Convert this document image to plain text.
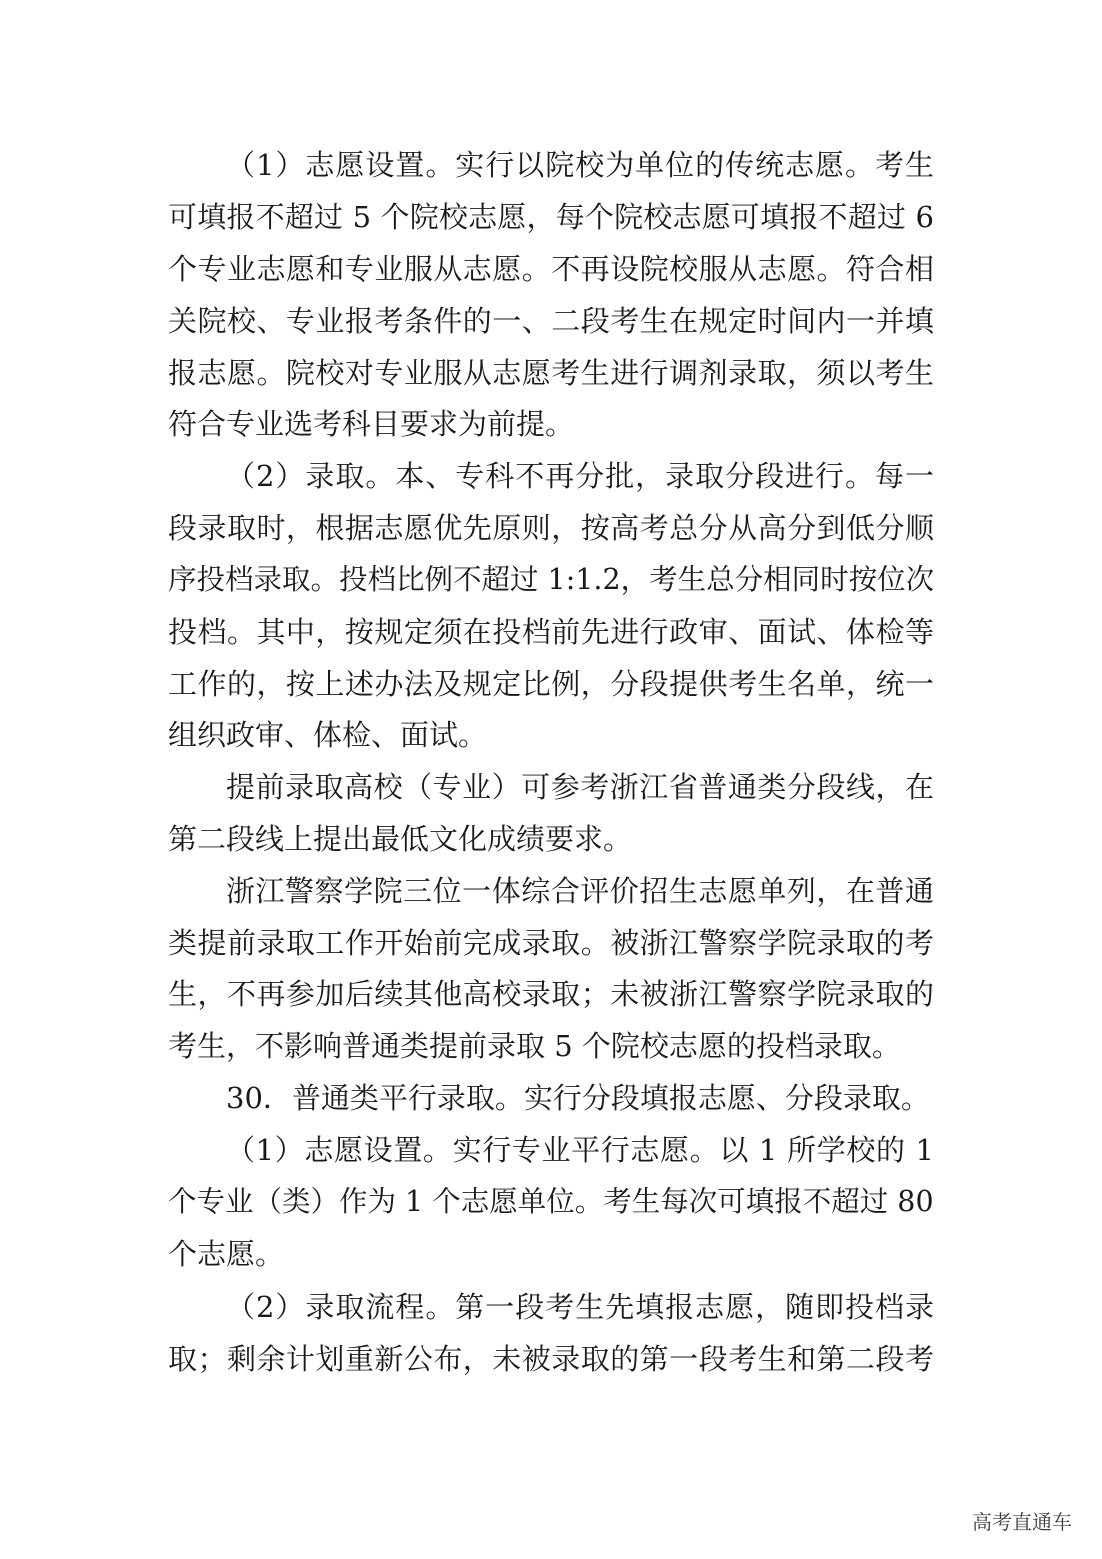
（1）志愿设置。实行以院校为单位的传统志愿。考生
可填报不超过 5 个院校志愿，每个院校志愿可填报不超过 6
个专业志愿和专业服从志愿。不再设院校服从志愿。符合相
关院校、专业报考条件的一、二段考生在规定时间内一并填
报志愿。院校对专业服从志愿考生进行调剂录取，须以考生
符合专业选考科目要求为前提。
（2）录取。本、专科不再分批，录取分段进行。每一
段录取时，根据志愿优先原则，按高考总分从高分到低分顺
序投档录取。投档比例不超过 1:1.2，考生总分相同时按位次
投档。其中，按规定须在投档前先进行政审、面试、体检等
工作的，按上述办法及规定比例，分段提供考生名单，统一
组织政审、体检、面试。
提前录取高校（专业）可参考浙江省普通类分段线，在
第二段线上提出最低文化成绩要求。
浙江警察学院三位一体综合评价招生志愿单列，在普通
类提前录取工作开始前完成录取。被浙江警察学院录取的考
生，不再参加后续其他高校录取；未被浙江警察学院录取的
考生，不影响普通类提前录取 5 个院校志愿的投档录取。
30．普通类平行录取。实行分段填报志愿、分段录取。
（1）志愿设置。实行专业平行志愿。以 1 所学校的 1
个专业（类）作为 1 个志愿单位。考生每次可填报不超过 80
个志愿。
（2）录取流程。第一段考生先填报志愿，随即投档录
取；剩余计划重新公布，未被录取的第一段考生和第二段考
高考直通车
